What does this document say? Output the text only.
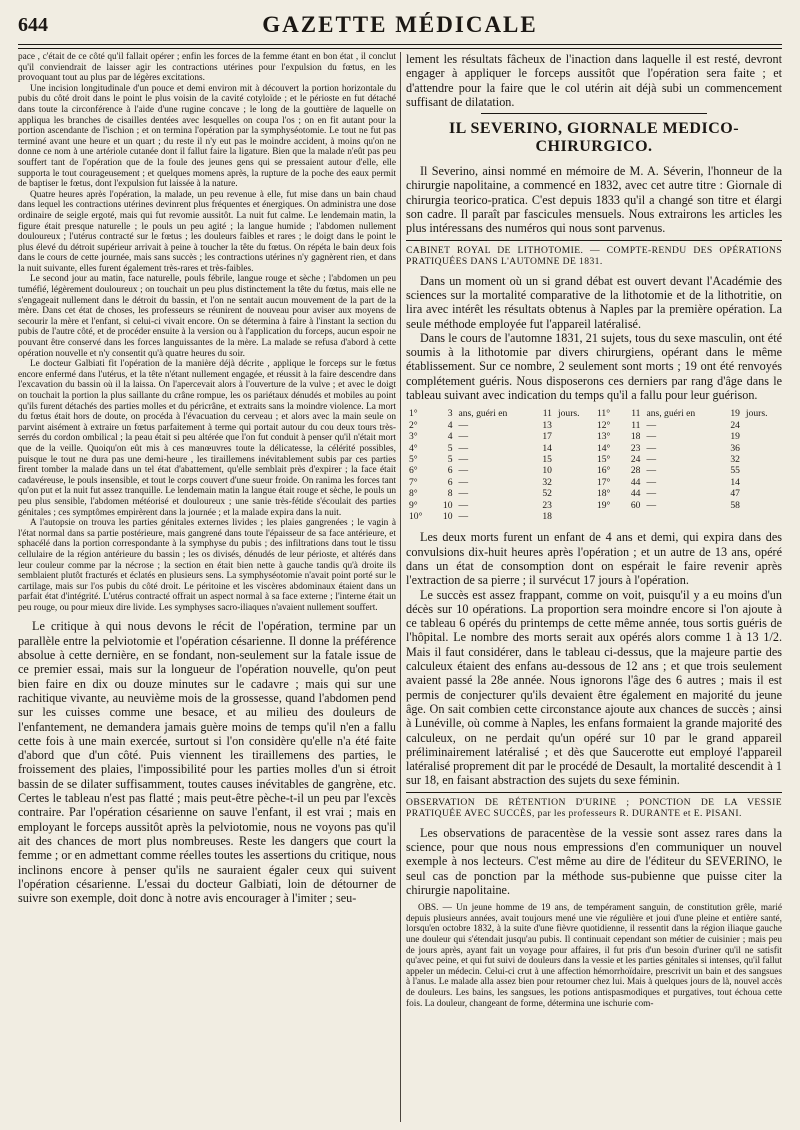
644	GAZETTE MÉDICALE

pace , c'était de ce côté qu'il fallait opérer ; enfin les forces de la femme étant en bon état , il conclut qu'il conviendrait de laisser agir les contractions utérines pour l'expulsion du fœtus, en les provoquant tout au plus par de légères excitations.

Une incision longitudinale d'un pouce et demi environ mit à découvert la portion horizontale du pubis du côté droit dans le point le plus voisin de la cavité cotyloïde ; et le périoste en fut détaché dans toute la circonférence à l'aide d'une rugine concave ; le long de la gouttière de laquelle on appliqua les branches de cisailles dentées avec lesquelles on coupa l'os ; on en fit autant pour la portion ascendante de l'ischion ; et on termina l'opération par la symphyséotomie. Le tout ne fut pas terminé avant une heure et un quart ; du reste il n'y eut pas le moindre accident, à moins qu'on ne donne ce nom à une artériole cutanée dont il fallut faire la ligature. Bien que la malade n'eût pas peu souffert tant de l'opération que de la foule des jeunes gens qui se pressaient autour d'elle, elle supporta le tout courageusement ; et quelques momens après, la rupture de la poche des eaux permit de baptiser le fœtus, dont l'expulsion fut laissée à la nature.

Quatre heures après l'opération, la malade, un peu revenue à elle, fut mise dans un bain chaud dans lequel les contractions utérines devinrent plus fréquentes et énergiques. On administra une dose ordinaire de seigle ergoté, mais qui fut revomie aussitôt. La nuit fut calme. Le lendemain matin, la figure était presque naturelle ; le pouls un peu agité ; la langue humide ; l'abdomen nullement douloureux ; l'utérus contracté sur le fœtus ; les douleurs faibles et rares ; le doigt dans le point le plus élevé du détroit supérieur arrivait à peine à toucher la tête du fœtus. On répéta le bain deux fois dans le cours de cette journée, mais sans succès ; les contractions utérines n'y gagnèrent rien, et dans la nuit suivante, elles furent également très-rares et très-faibles.

Le second jour au matin, face naturelle, pouls fébrile, langue rouge et sèche ; l'abdomen un peu tuméfié, légèrement douloureux ; on touchait un peu plus distinctement la tête du fœtus, mais elle ne s'engageait nullement dans le détroit du bassin, et l'on ne sentait aucun mouvement de la part de la mère. Dans cet état de choses, les professeurs se réunirent de nouveau pour aviser aux moyens de secourir la mère et l'enfant, si celui-ci vivait encore. On se détermina à faire à l'instant la section du pubis de l'autre côté, et de procéder ensuite à la version ou à l'application du forceps, aucun espoir ne pouvant être conservé dans les forces languissantes de la mère. La malade se refusa d'abord à cette opération nouvelle et n'y consentit qu'à quatre heures du soir.

Le docteur Galbiati fit l'opération de la manière déjà décrite , applique le forceps sur le fœtus encore enfermé dans l'utérus, et la tête n'étant nullement engagée, et réussit à la faire descendre dans l'excavation du bassin où il la laissa. On l'apercevait alors à l'ouverture de la vulve ; et avec le doigt on touchait la portion la plus saillante du crâne rompue, les os pariétaux dénudés et mobiles au point qu'ils furent détachés des parties molles et du péricrâne, et extraits sans la moindre violence. La mort du fœtus était hors de doute, on procéda à l'évacuation du cerveau ; et alors avec la main seule on parvint aisément à extraire un fœtus parfaitement à terme qui portait autour du cou deux tours très-serrés du cordon ombilical ; la peau était si peu altérée que l'on fut conduit à penser qu'il n'était mort que de la veille. Quoiqu'on eût mis à ces manœuvres toute la délicatesse, la célérité possibles, puisque le tout ne dura pas une demi-heure , les tiraillemens inévitablement subis par ces parties firent tomber la malade dans un tel état d'abattement, qu'elle semblait près d'expirer ; la face était cadavéreuse, le pouls insensible, et tout le corps couvert d'une sueur froide. On ranima les forces tant qu'on put et la nuit fut assez tranquille. Le lendemain matin la langue était rouge et sèche, le pouls un peu plus sensible, l'abdomen météorisé et douloureux ; une sanie très-fétide s'écoulait des parties génitales ; ces symptômes empirèrent dans la journée ; et la malade expira dans la nuit.

A l'autopsie on trouva les parties génitales externes livides ; les plaies gangrenées ; le vagin à l'état normal dans sa partie postérieure, mais gangrené dans toute l'épaisseur de sa face antérieure, et sphacélé dans la portion correspondante à la symphyse du pubis ; des infiltrations dans tout le tissu cellulaire de la région antérieure du bassin ; les os divisés, dénudés de leur périoste, et altérés dans leur couleur comme par la nécrose ; la section en était bien nette à gauche tandis qu'à droite ils semblaient plutôt fracturés et éclatés en plusieurs sens. La symphyséotomie n'avait point porté sur le cartilage, mais sur l'os pubis du côté droit. Le péritoine et les viscères abdominaux étaient dans un parfait état d'intégrité. L'utérus contracté offrait un aspect normal à sa face externe ; l'interne était un peu rouge, ou pour mieux dire livide. Les symphyses sacro-iliaques n'avaient nullement souffert.

Le critique à qui nous devons le récit de l'opération, termine par un parallèle entre la pelviotomie et l'opération césarienne. Il donne la préférence absolue à cette dernière, en se fondant, non-seulement sur la fatale issue de ce premier essai, mais sur la longueur de l'opération nouvelle, qu'on peut bien faire en dix ou douze minutes sur le cadavre ; mais qui sur une rachitique vivante, au neuvième mois de la grossesse, quand l'abdomen pend sur les cuisses comme une besace, et au milieu des douleurs de l'enfantement, ne demandera jamais guère moins de temps qu'il n'en a fallu cette fois à une main exercée, surtout si l'on considère qu'elle n'a été faite d'abord que d'un côté. Puis viennent les tiraillemens des parties, le froissement des plaies, l'impossibilité pour les parties molles d'un si étroit bassin de se dilater suffisamment, toutes causes inévitables de gangrène, etc. Certes le tableau n'est pas flatté ; mais peut-être pèche-t-il un peu par l'excès contraire. Par l'opération césarienne on sauve l'enfant, il est vrai ; mais en employant le forceps aussitôt après la pelviotomie, nous ne voyons pas qu'il ait des chances de mort plus nombreuses. Reste les dangers que court la femme ; or en admettant comme réelles toutes les assertions du critique, nous inclinons encore à penser qu'ils ne sauraient égaler ceux qui suivent l'opération césarienne. L'essai du docteur Galbiati, loin de détourner de suivre son exemple, doit donc à notre avis encourager à l'imiter ; seu-

lement les résultats fâcheux de l'inaction dans laquelle il est resté, devront engager à appliquer le forceps aussitôt que l'opération sera faite ; et d'attendre pour la faire que le col utérin ait déjà subi un commencement suffisant de dilatation.

IL SEVERINO, GIORNALE MEDICO-CHIRURGICO.

Il Severino, ainsi nommé en mémoire de M. A. Séverin, l'honneur de la chirurgie napolitaine, a commencé en 1832, avec cet autre titre : Giornale di chirurgia teorico-pratica. C'est depuis 1833 qu'il a changé son titre et élargi son cadre. Il paraît par fascicules mensuels. Nous extrairons les articles les plus intéressans des numéros qui nous sont parvenus.

CABINET ROYAL DE LITHOTOMIE. — COMPTE-RENDU DES OPÉRATIONS PRATIQUÉES DANS L'AUTOMNE DE 1831.

Dans un moment où un si grand débat est ouvert devant l'Académie des sciences sur la mortalité comparative de la lithotomie et de la lithotritie, on lira avec intérêt les résultats obtenus à Naples par la première opération. La seule méthode employée fut l'appareil latéralisé.

Dans le cours de l'automne 1831, 21 sujets, tous du sexe masculin, ont été soumis à la lithotomie par divers chirurgiens, opérant dans le même établissement. Sur ce nombre, 2 seulement sont morts ; 19 ont été renvoyés complétement guéris. Nous disposerons ces derniers par rang d'âge dans le tableau suivant avec indication du temps qu'il a fallu pour leur guérison.

1°	3	ans, guéri en	11	jours.	11°	11	ans, guéri en	19	jours.
2°	4	—	13		12°	11	—	24	
3°	4	—	17		13°	18	—	19	
4°	5	—	14		14°	23	—	36	
5°	5	—	15		15°	24	—	32	
6°	6	—	10		16°	28	—	55	
7°	6	—	32		17°	44	—	14	
8°	8	—	52		18°	44	—	47	
9°	10	—	23		19°	60	—	58	
10°	10	—	18						

Les deux morts furent un enfant de 4 ans et demi, qui expira dans des convulsions dix-huit heures après l'opération ; et un autre de 13 ans, opéré dans un état de consomption dont on espérait le faire revenir après l'extraction de sa pierre ; il survécut 17 jours à l'opération.

Le succès est assez frappant, comme on voit, puisqu'il y a eu moins d'un décès sur 10 opérations. La proportion sera moindre encore si l'on ajoute à ce tableau 6 opérés du printemps de cette même année, tous sortis guéris de l'hôpital. Le nombre des morts serait aux opérés alors comme 1 à 13 1/2. Mais il faut considérer, dans le tableau ci-dessus, que la majeure partie des calculeux étaient des enfans au-dessous de 12 ans ; et que trois seulement avaient passé la 28e année. Nous ignorons l'âge des 6 autres ; mais il est permis de conjecturer qu'ils devaient être également en majorité du jeune âge. On sait combien cette circonstance ajoute aux chances de succès ; ainsi à Lunéville, où comme à Naples, les enfans formaient la grande majorité des calculeux, on ne perdait qu'un opéré sur 10 par le grand appareil préliminairement latéralisé ; et dès que Saucerotte eut employé l'appareil latéralisé proprement dit par le procédé de Desault, la mortalité descendit à 1 sur 18, en faisant abstraction des sujets du sexe féminin.

OBSERVATION DE RÉTENTION D'URINE ; PONCTION DE LA VESSIE PRATIQUÉE AVEC SUCCÈS, par les professeurs R. DURANTE et E. PISANI.

Les observations de paracentèse de la vessie sont assez rares dans la science, pour que nous nous empressions d'en communiquer un nouvel exemple à nos lecteurs. C'est même au dire de l'éditeur du SEVERINO, le seul cas de ponction par la méthode sus-pubienne que puisse citer la chirurgie napolitaine.

OBS. — Un jeune homme de 19 ans, de tempérament sanguin, de constitution grêle, marié depuis plusieurs années, avait toujours mené une vie régulière et joui d'une pleine et entière santé, lorsqu'en octobre 1832, à la suite d'une fièvre quotidienne, il ressentit dans la région iliaque gauche une douleur qui s'étendait jusqu'au pubis. Il continuait cependant son métier de cuisinier ; mais peu de jours après, ayant fait un voyage pour affaires, il fut pris d'un besoin d'uriner qu'il ne satisfit qu'avec peine, et qui fut suivi de douleurs dans la vessie et les parties génitales si intenses, qu'il fallut appeler un médecin. Celui-ci crut à une affection hémorrhoïdaire, prescrivit un bain et des sangsues à l'anus. Le malade alla assez bien pour retourner chez lui. Mais à quelques jours de là, nouvel accès de douleurs. Les bains, les sangsues, les potions antispasmodiques et purgatives, tout échoua cette fois. La douleur, changeant de forme, détermina une ischurie com-
